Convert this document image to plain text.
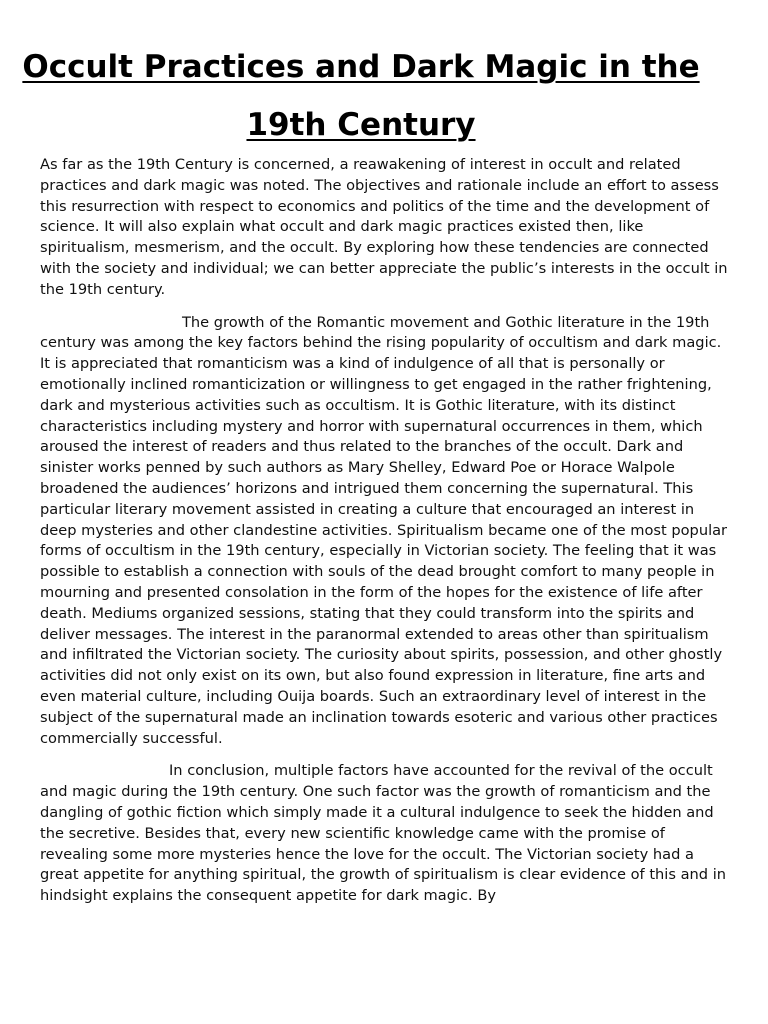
Occult Practices and Dark Magic in the 19th Century

As far as the 19th Century is concerned, a reawakening of interest in occult and related practices and dark magic was noted. The objectives and rationale include an effort to assess this resurrection with respect to economics and politics of the time and the development of science. It will also explain what occult and dark magic practices existed then, like spiritualism, mesmerism, and the occult. By exploring how these tendencies are connected with the society and individual; we can better appreciate the public’s interests in the occult in the 19th century.

The growth of the Romantic movement and Gothic literature in the 19th century was among the key factors behind the rising popularity of occultism and dark magic. It is appreciated that romanticism was a kind of indulgence of all that is personally or emotionally inclined romanticization or willingness to get engaged in the rather frightening, dark and mysterious activities such as occultism. It is Gothic literature, with its distinct characteristics including mystery and horror with supernatural occurrences in them, which aroused the interest of readers and thus related to the branches of the occult. Dark and sinister works penned by such authors as Mary Shelley, Edward Poe or Horace Walpole broadened the audiences’ horizons and intrigued them concerning the supernatural. This particular literary movement assisted in creating a culture that encouraged an interest in deep mysteries and other clandestine activities. Spiritualism became one of the most popular forms of occultism in the 19th century, especially in Victorian society. The feeling that it was possible to establish a connection with souls of the dead brought comfort to many people in mourning and presented consolation in the form of the hopes for the existence of life after death. Mediums organized sessions, stating that they could transform into the spirits and deliver messages. The interest in the paranormal extended to areas other than spiritualism and infiltrated the Victorian society. The curiosity about spirits, possession, and other ghostly activities did not only exist on its own, but also found expression in literature, fine arts and even material culture, including Ouija boards. Such an extraordinary level of interest in the subject of the supernatural made an inclination towards esoteric and various other practices commercially successful.

In conclusion, multiple factors have accounted for the revival of the occult and magic during the 19th century. One such factor was the growth of romanticism and the dangling of gothic fiction which simply made it a cultural indulgence to seek the hidden and the secretive. Besides that, every new scientific knowledge came with the promise of revealing some more mysteries hence the love for the occult. The Victorian society had a great appetite for anything spiritual, the growth of spiritualism is clear evidence of this and in hindsight explains the consequent appetite for dark magic. By
